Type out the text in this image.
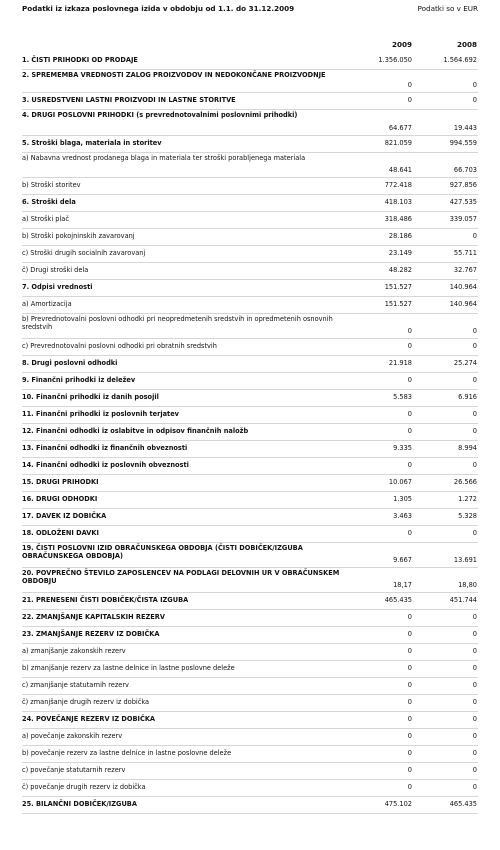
Podatki iz izkaza poslovnega izida v obdobju od 1.1. do 31.12.2009	Podatki so v EUR
2009	2008
1. ČISTI PRIHODKI OD PRODAJE	1.356.050	1.564.692
2. SPREMEMBA VREDNOSTI ZALOG PROIZVODOV IN NEDOKONČANE PROIZVODNJE
0	0
3. USREDSTVENI LASTNI PROIZVODI IN LASTNE STORITVE	0	0
4. DRUGI POSLOVNI PRIHODKI (s prevrednotovalnimi poslovnimi prihodki)
64.677	19.443
5. Stroški blaga, materiala in storitev	821.059	994.559
a) Nabavna vrednost prodanega blaga in materiala ter stroški porabljenega materiala
48.641	66.703
b) Stroški storitev	772.418	927.856
6. Stroški dela	418.103	427.535
a) Stroški plač	318.486	339.057
b) Stroški pokojninskih zavarovanj	28.186	0
c) Stroški drugih socialnih zavarovanj	23.149	55.711
č) Drugi stroški dela	48.282	32.767
7. Odpisi vrednosti	151.527	140.964
a) Amortizacija	151.527	140.964
b) Prevrednotovalni poslovni odhodki pri neopredmetenih sredstvih in opredmetenih osnovnih sredstvih	0	0
c) Prevrednotovalni poslovni odhodki pri obratnih sredstvih	0	0
8. Drugi poslovni odhodki	21.918	25.274
9. Finančni prihodki iz deležev	0	0
10. Finančni prihodki iz danih posojil	5.583	6.916
11. Finančni prihodki iz poslovnih terjatev	0	0
12. Finančni odhodki iz oslabitve in odpisov finančnih naložb	0	0
13. Finančni odhodki iz finančnih obveznosti	9.335	8.994
14. Finančni odhodki iz poslovnih obveznosti	0	0
15. DRUGI PRIHODKI	10.067	26.566
16. DRUGI ODHODKI	1.305	1.272
17. DAVEK IZ DOBIČKA	3.463	5.328
18. ODLOŽENI DAVKI	0	0
19. ČISTI POSLOVNI IZID OBRAČUNSKEGA OBDOBJA (ČISTI DOBIČEK/IZGUBA OBRAČUNSKEGA OBDOBJA)	9.667	13.691
20. POVPREČNO ŠTEVILO ZAPOSLENCEV NA PODLAGI DELOVNIH UR V OBRAČUNSKEM OBDOBJU	18,17	18,80
21. PRENESENI ČISTI DOBIČEK/ČISTA IZGUBA	465.435	451.744
22. ZMANJŠANJE KAPITALSKIH REZERV	0	0
23. ZMANJŠANJE REZERV IZ DOBIČKA	0	0
a) zmanjšanje zakonskih rezerv	0	0
b) zmanjšanje rezerv za lastne delnice in lastne poslovne deleže	0	0
c) zmanjšanje statutarnih rezerv	0	0
č) zmanjšanje drugih rezerv iz dobička	0	0
24. POVEČANJE REZERV IZ DOBIČKA	0	0
a) povečanje zakonskih rezerv	0	0
b) povečanje rezerv za lastne delnice in lastne poslovne deleže	0	0
c) povečanje statutarnih rezerv	0	0
č) povečanje drugih rezerv iz dobička	0	0
25. BILANČNI DOBIČEK/IZGUBA	475.102	465.435
